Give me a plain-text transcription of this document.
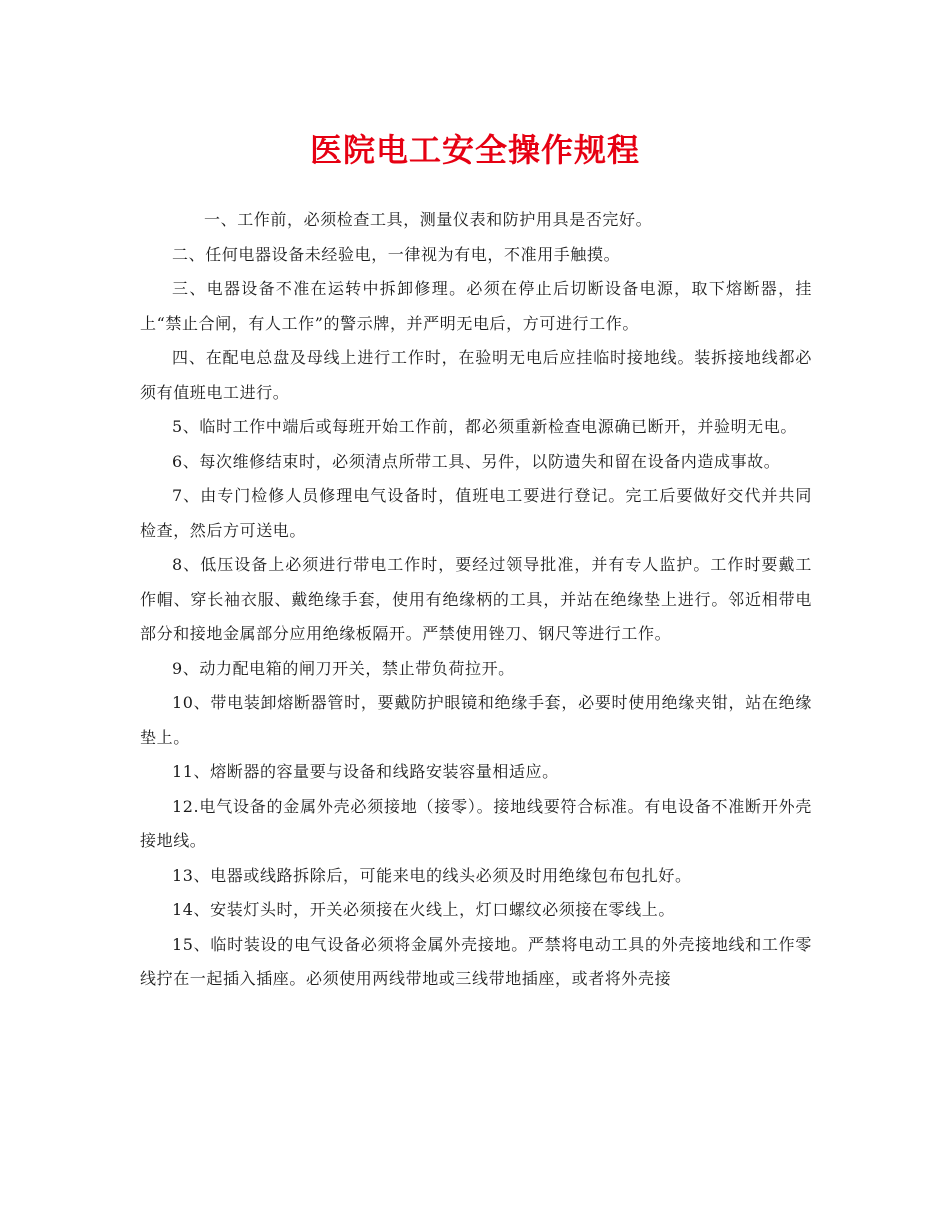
医院电工安全操作规程

一、工作前，必须检查工具，测量仪表和防护用具是否完好。

二、任何电器设备未经验电，一律视为有电，不准用手触摸。

三、电器设备不准在运转中拆卸修理。必须在停止后切断设备电源，取下熔断器，挂上“禁止合闸，有人工作”的警示牌，并严明无电后，方可进行工作。

四、在配电总盘及母线上进行工作时，在验明无电后应挂临时接地线。装拆接地线都必须有值班电工进行。

5、临时工作中端后或每班开始工作前，都必须重新检查电源确已断开，并验明无电。

6、每次维修结束时，必须清点所带工具、另件，以防遗失和留在设备内造成事故。

7、由专门检修人员修理电气设备时，值班电工要进行登记。完工后要做好交代并共同检查，然后方可送电。

8、低压设备上必须进行带电工作时，要经过领导批准，并有专人监护。工作时要戴工作帽、穿长袖衣服、戴绝缘手套，使用有绝缘柄的工具，并站在绝缘垫上进行。邻近相带电部分和接地金属部分应用绝缘板隔开。严禁使用锉刀、钢尺等进行工作。

9、动力配电箱的闸刀开关，禁止带负荷拉开。

10、带电装卸熔断器管时，要戴防护眼镜和绝缘手套，必要时使用绝缘夹钳，站在绝缘垫上。

11、熔断器的容量要与设备和线路安装容量相适应。

12.电气设备的金属外壳必须接地（接零）。接地线要符合标准。有电设备不准断开外壳接地线。

13、电器或线路拆除后，可能来电的线头必须及时用绝缘包布包扎好。

14、安装灯头时，开关必须接在火线上，灯口螺纹必须接在零线上。

15、临时装设的电气设备必须将金属外壳接地。严禁将电动工具的外壳接地线和工作零线拧在一起插入插座。必须使用两线带地或三线带地插座，或者将外壳接
